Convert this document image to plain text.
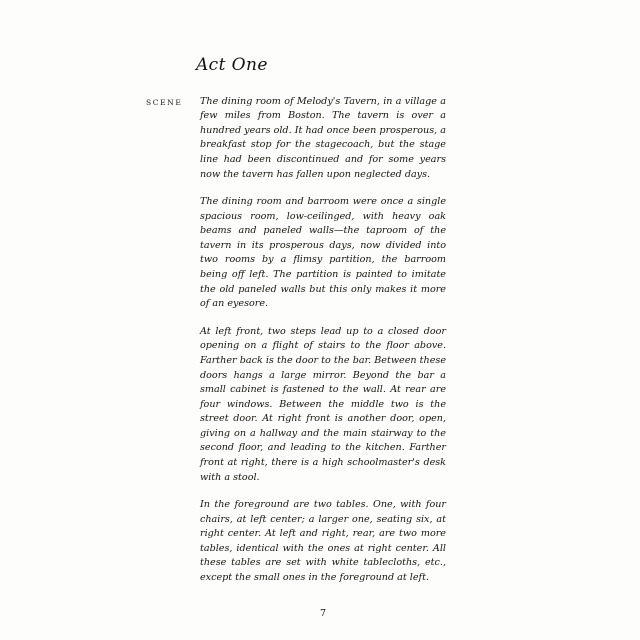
Act One
SCENE	The dining room of Melody's Tavern, in a village a few miles from Boston. The tavern is over a hundred years old. It had once been prosperous, a breakfast stop for the stagecoach, but the stage line had been discontinued and for some years now the tavern has fallen upon neglected days.

The dining room and barroom were once a single spacious room, low-ceilinged, with heavy oak beams and paneled walls—the taproom of the tavern in its prosperous days, now divided into two rooms by a flimsy partition, the barroom being off left. The partition is painted to imitate the old paneled walls but this only makes it more of an eyesore.

At left front, two steps lead up to a closed door opening on a flight of stairs to the floor above. Farther back is the door to the bar. Between these doors hangs a large mirror. Beyond the bar a small cabinet is fastened to the wall. At rear are four windows. Between the middle two is the street door. At right front is another door, open, giving on a hallway and the main stairway to the second floor, and leading to the kitchen. Farther front at right, there is a high schoolmaster's desk with a stool.

In the foreground are two tables. One, with four chairs, at left center; a larger one, seating six, at right center. At left and right, rear, are two more tables, identical with the ones at right center. All these tables are set with white tablecloths, etc., except the small ones in the foreground at left.

7
